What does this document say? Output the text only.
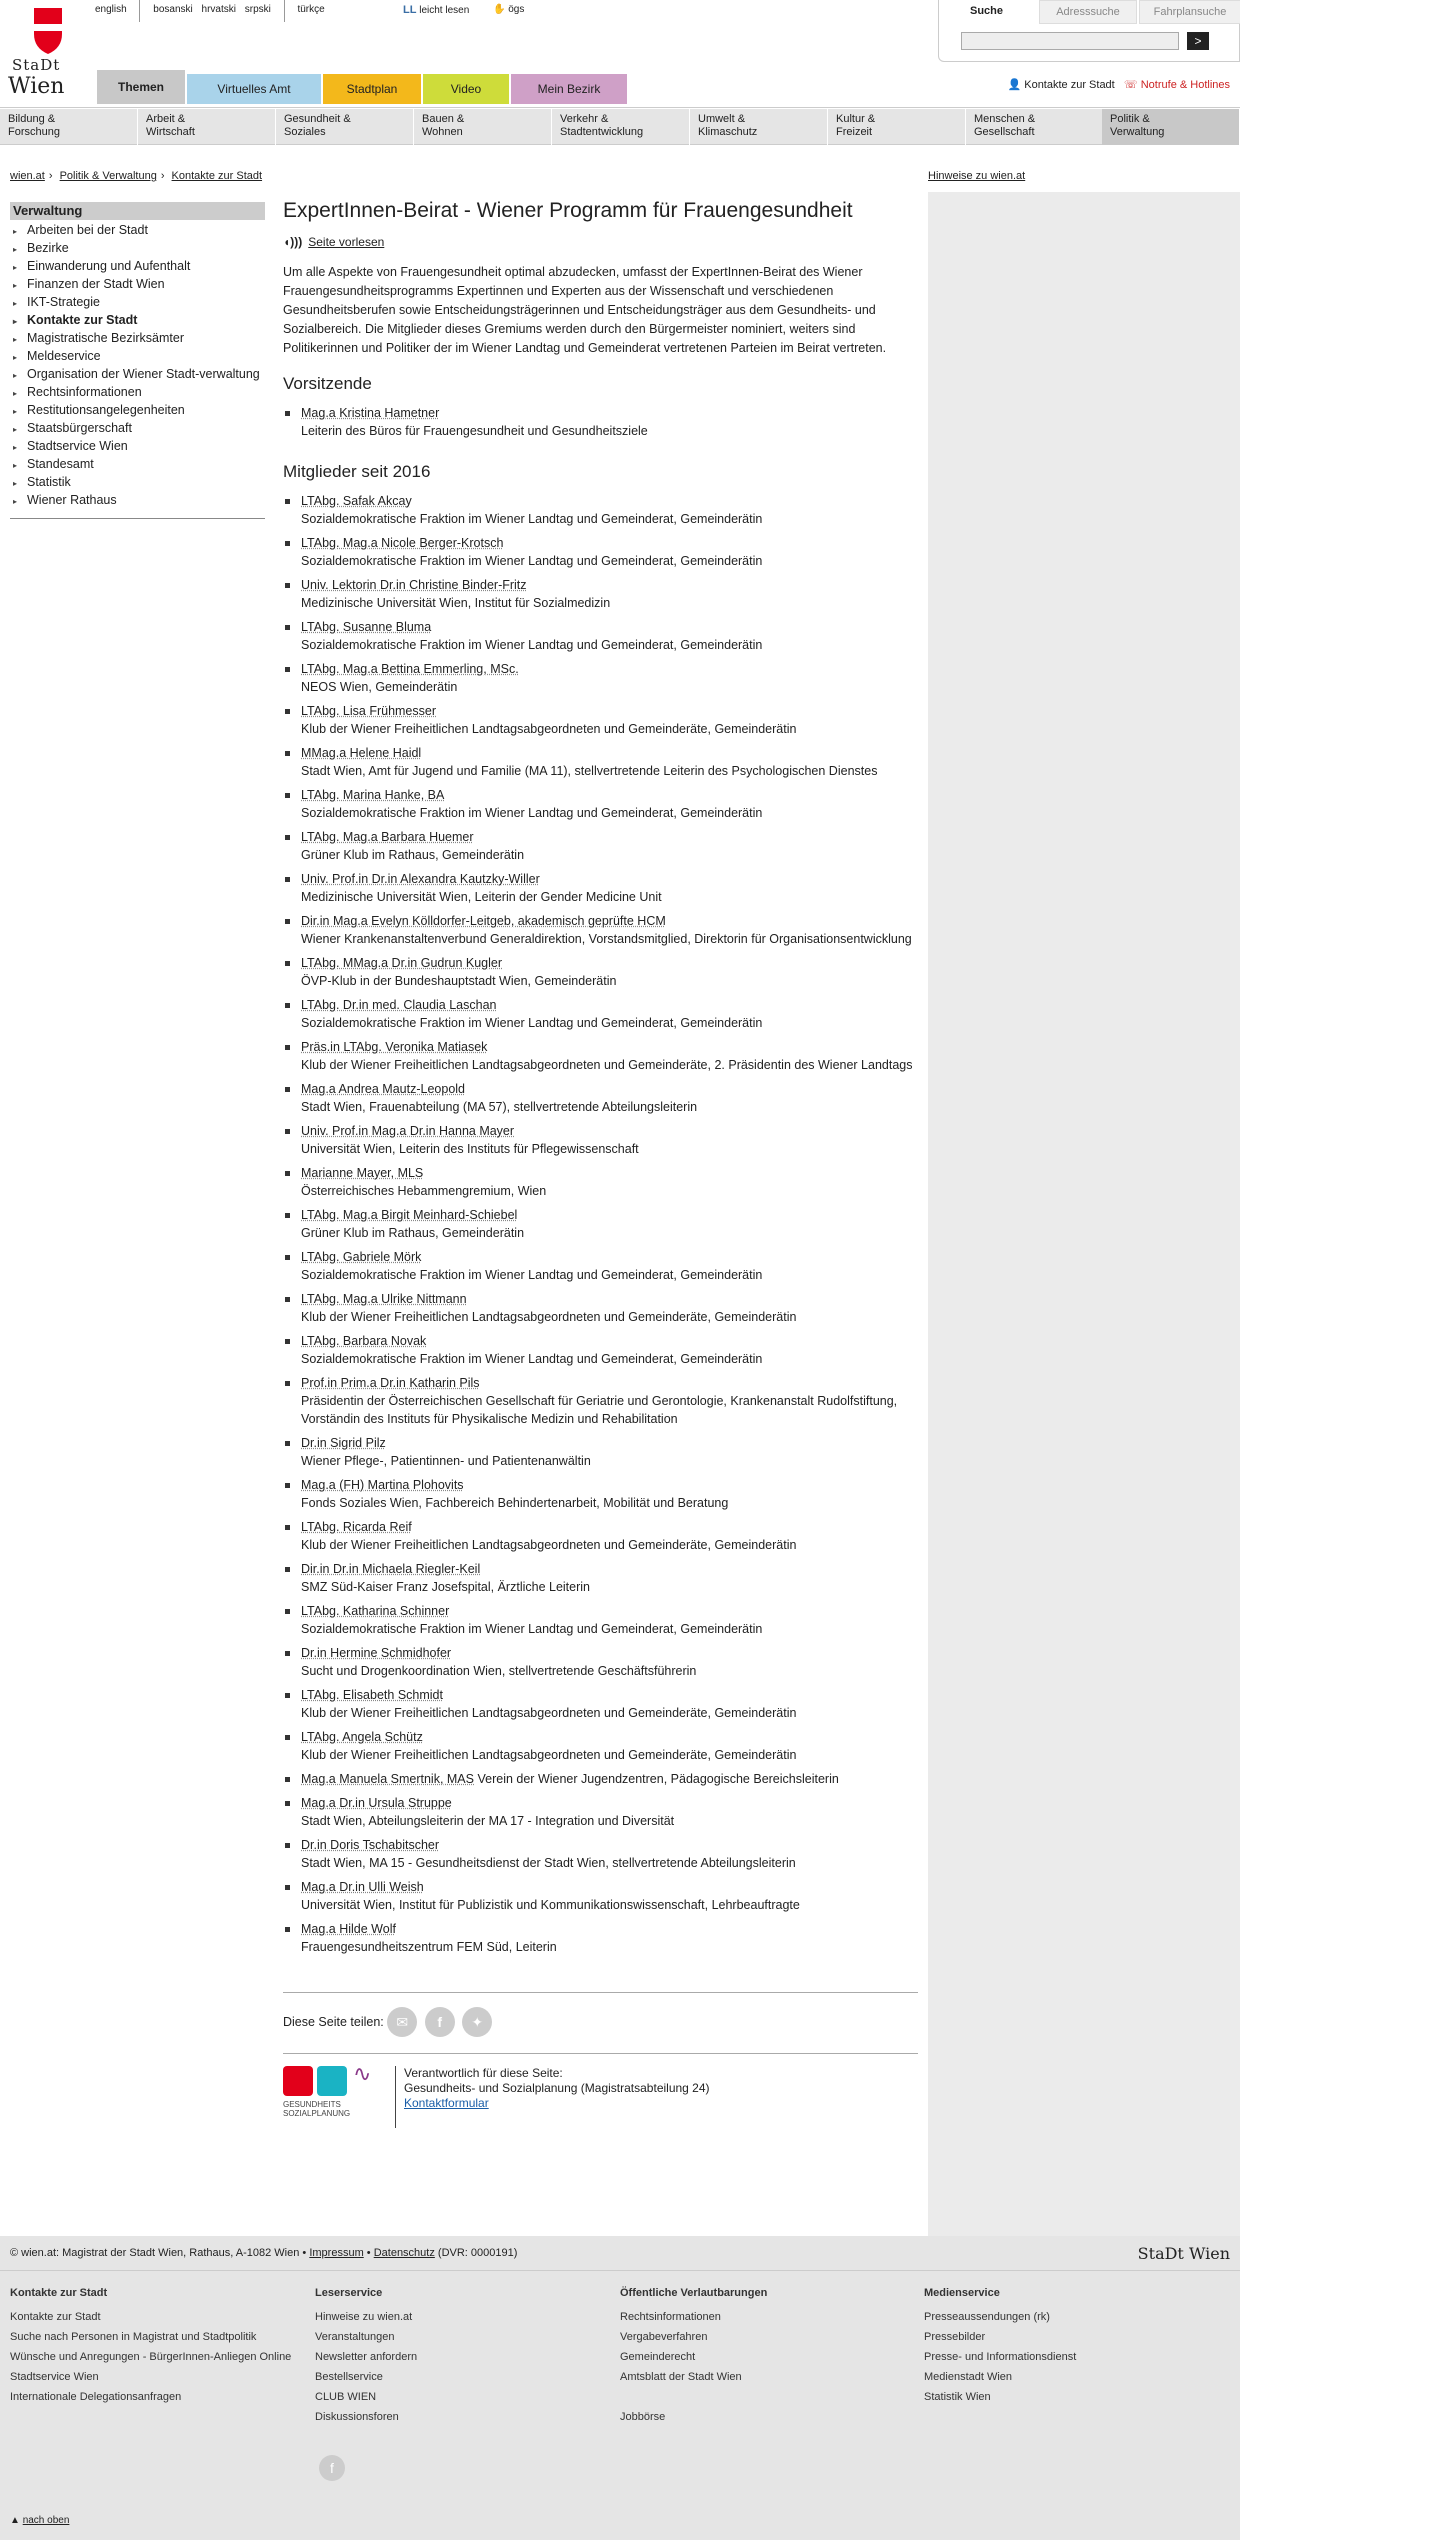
StaDt
Wien
english	bosanski hrvatski srpski	türkçe	LL leicht lesen ✋ ögs	Suche	Adresssuche	Fahrplansuche
>
Themen	Virtuelles Amt	Stadtplan	Video	Mein Bezirk	👤 Kontakte zur Stadt ☏ Notrufe & Hotlines
Bildung &
Forschung
Arbeit &
Wirtschaft
Gesundheit &
Soziales
Bauen &
Wohnen
Verkehr &
Stadtentwicklung
Umwelt &
Klimaschutz
Kultur &
Freizeit
Menschen &
Gesellschaft
Politik &
Verwaltung
wien.at › Politik & Verwaltung › Kontakte zur Stadt	Hinweise zu wien.at
Verwaltung
▸ Arbeiten bei der Stadt
▸ Bezirke
▸ Einwanderung und Aufenthalt
▸ Finanzen der Stadt Wien
▸ IKT-Strategie
▸ Kontakte zur Stadt
▸ Magistratische Bezirksämter
▸ Meldeservice
▸ Organisation der Wiener Stadt-verwaltung
▸ Rechtsinformationen
▸ Restitutionsangelegenheiten
▸ Staatsbürgerschaft
▸ Stadtservice Wien
▸ Standesamt
▸ Statistik
▸ Wiener Rathaus
ExpertInnen-Beirat - Wiener Programm für Frauengesundheit
◖))) Seite vorlesen

Um alle Aspekte von Frauengesundheit optimal abzudecken, umfasst der ExpertInnen-Beirat des Wiener Frauengesundheitsprogramms Expertinnen und Experten aus der Wissenschaft und verschiedenen Gesundheitsberufen sowie Entscheidungsträgerinnen und Entscheidungsträger aus dem Gesundheits- und Sozialbereich. Die Mitglieder dieses Gremiums werden durch den Bürgermeister nominiert, weiters sind Politikerinnen und Politiker der im Wiener Landtag und Gemeinderat vertretenen Parteien im Beirat vertreten.

Vorsitzende
Mag.a Kristina Hametner
Leiterin des Büros für Frauengesundheit und Gesundheitsziele
Mitglieder seit 2016
LTAbg. Safak Akcay
Sozialdemokratische Fraktion im Wiener Landtag und Gemeinderat, Gemeinderätin
LTAbg. Mag.a Nicole Berger-Krotsch
Sozialdemokratische Fraktion im Wiener Landtag und Gemeinderat, Gemeinderätin
Univ. Lektorin Dr.in Christine Binder-Fritz
Medizinische Universität Wien, Institut für Sozialmedizin
LTAbg. Susanne Bluma
Sozialdemokratische Fraktion im Wiener Landtag und Gemeinderat, Gemeinderätin
LTAbg. Mag.a Bettina Emmerling, MSc.
NEOS Wien, Gemeinderätin
LTAbg. Lisa Frühmesser
Klub der Wiener Freiheitlichen Landtagsabgeordneten und Gemeinderäte, Gemeinderätin
MMag.a Helene Haidl
Stadt Wien, Amt für Jugend und Familie (MA 11), stellvertretende Leiterin des Psychologischen Dienstes
LTAbg. Marina Hanke, BA
Sozialdemokratische Fraktion im Wiener Landtag und Gemeinderat, Gemeinderätin
LTAbg. Mag.a Barbara Huemer
Grüner Klub im Rathaus, Gemeinderätin
Univ. Prof.in Dr.in Alexandra Kautzky-Willer
Medizinische Universität Wien, Leiterin der Gender Medicine Unit
Dir.in Mag.a Evelyn Kölldorfer-Leitgeb, akademisch geprüfte HCM
Wiener Krankenanstaltenverbund Generaldirektion, Vorstandsmitglied, Direktorin für Organisationsentwicklung
LTAbg. MMag.a Dr.in Gudrun Kugler
ÖVP-Klub in der Bundeshauptstadt Wien, Gemeinderätin
LTAbg. Dr.in med. Claudia Laschan
Sozialdemokratische Fraktion im Wiener Landtag und Gemeinderat, Gemeinderätin
Präs.in LTAbg. Veronika Matiasek
Klub der Wiener Freiheitlichen Landtagsabgeordneten und Gemeinderäte, 2. Präsidentin des Wiener Landtags
Mag.a Andrea Mautz-Leopold
Stadt Wien, Frauenabteilung (MA 57), stellvertretende Abteilungsleiterin
Univ. Prof.in Mag.a Dr.in Hanna Mayer
Universität Wien, Leiterin des Instituts für Pflegewissenschaft
Marianne Mayer, MLS
Österreichisches Hebammengremium, Wien
LTAbg. Mag.a Birgit Meinhard-Schiebel
Grüner Klub im Rathaus, Gemeinderätin
LTAbg. Gabriele Mörk
Sozialdemokratische Fraktion im Wiener Landtag und Gemeinderat, Gemeinderätin
LTAbg. Mag.a Ulrike Nittmann
Klub der Wiener Freiheitlichen Landtagsabgeordneten und Gemeinderäte, Gemeinderätin
LTAbg. Barbara Novak
Sozialdemokratische Fraktion im Wiener Landtag und Gemeinderat, Gemeinderätin
Prof.in Prim.a Dr.in Katharin Pils
Präsidentin der Österreichischen Gesellschaft für Geriatrie und Gerontologie, Krankenanstalt Rudolfstiftung, Vorständin des Instituts für Physikalische Medizin und Rehabilitation
Dr.in Sigrid Pilz
Wiener Pflege-, Patientinnen- und Patientenanwältin
Mag.a (FH) Martina Plohovits
Fonds Soziales Wien, Fachbereich Behindertenarbeit, Mobilität und Beratung
LTAbg. Ricarda Reif
Klub der Wiener Freiheitlichen Landtagsabgeordneten und Gemeinderäte, Gemeinderätin
Dir.in Dr.in Michaela Riegler-Keil
SMZ Süd-Kaiser Franz Josefspital, Ärztliche Leiterin
LTAbg. Katharina Schinner
Sozialdemokratische Fraktion im Wiener Landtag und Gemeinderat, Gemeinderätin
Dr.in Hermine Schmidhofer
Sucht und Drogenkoordination Wien, stellvertretende Geschäftsführerin
LTAbg. Elisabeth Schmidt
Klub der Wiener Freiheitlichen Landtagsabgeordneten und Gemeinderäte, Gemeinderätin
LTAbg. Angela Schütz
Klub der Wiener Freiheitlichen Landtagsabgeordneten und Gemeinderäte, Gemeinderätin
Mag.a Manuela Smertnik, MAS Verein der Wiener Jugendzentren, Pädagogische Bereichsleiterin
Mag.a Dr.in Ursula Struppe
Stadt Wien, Abteilungsleiterin der MA 17 - Integration und Diversität
Dr.in Doris Tschabitscher
Stadt Wien, MA 15 - Gesundheitsdienst der Stadt Wien, stellvertretende Abteilungsleiterin
Mag.a Dr.in Ulli Weish
Universität Wien, Institut für Publizistik und Kommunikationswissenschaft, Lehrbeauftragte
Mag.a Hilde Wolf
Frauengesundheitszentrum FEM Süd, Leiterin
Diese Seite teilen: ✉ f ✦
∿
GESUNDHEITS SOZIALPLANUNG
Verantwortlich für diese Seite:
Gesundheits- und Sozialplanung (Magistratsabteilung 24)
Kontaktformular
© wien.at: Magistrat der Stadt Wien, Rathaus, A-1082 Wien • Impressum • Datenschutz (DVR: 0000191)	StaDt Wien
Kontakte zur Stadt
Kontakte zur Stadt
Suche nach Personen in Magistrat und Stadtpolitik
Wünsche und Anregungen - BürgerInnen-Anliegen Online
Stadtservice Wien
Internationale Delegationsanfragen
Leserservice
Hinweise zu wien.at
Veranstaltungen
Newsletter anfordern
Bestellservice
CLUB WIEN
Diskussionsforen
Öffentliche Verlautbarungen
Rechtsinformationen
Vergabeverfahren
Gemeinderecht
Amtsblatt der Stadt Wien
Jobbörse
Medienservice
Presseaussendungen (rk)
Pressebilder
Presse- und Informationsdienst
Medienstadt Wien
Statistik Wien
f
▲ nach oben
